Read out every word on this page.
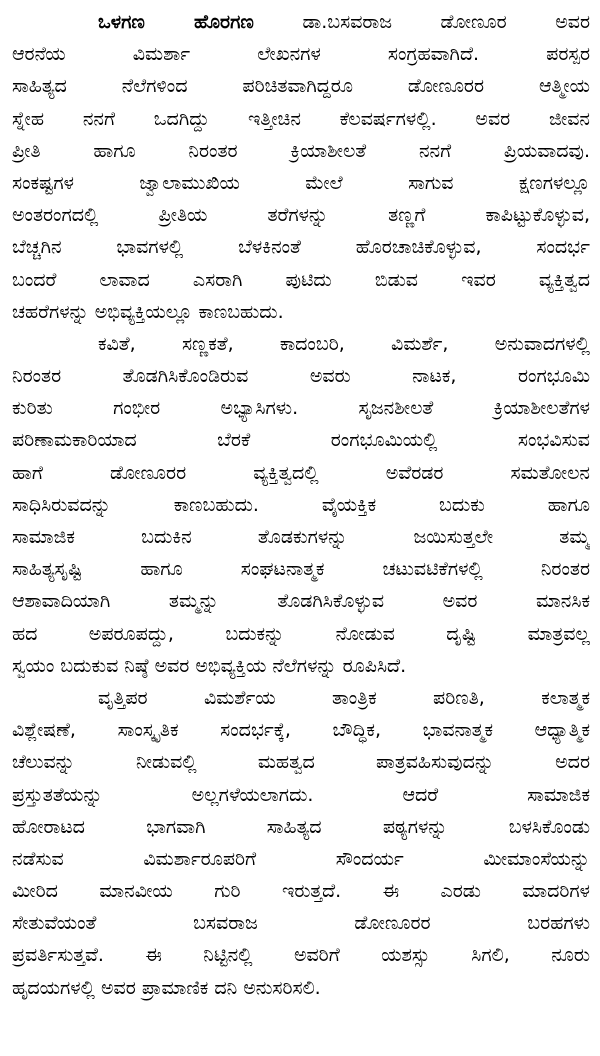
ಒಳಗಣ ಹೊರಗಣ	ಡಾ.ಬಸವರಾಜ ಡೋಣೂರ ಅವರ
ಆರನೆಯ ವಿಮರ್ಶಾ ಲೇಖನಗಳ ಸಂಗ್ರಹವಾಗಿದೆ. ಪರಸ್ಪರ
ಸಾಹಿತ್ಯದ ನೆಲೆಗಳಿಂದ ಪರಿಚಿತವಾಗಿದ್ದರೂ ಡೋಣೂರರ ಆತ್ಮೀಯ
ಸ್ನೇಹ ನನಗೆ ಒದಗಿದ್ದು ಇತ್ತೀಚಿನ ಕೆಲವರ್ಷಗಳಲ್ಲಿ. ಅವರ ಜೀವನ
ಪ್ರೀತಿ ಹಾಗೂ ನಿರಂತರ ಕ್ರಿಯಾಶೀಲತೆ ನನಗೆ ಪ್ರಿಯವಾದವು.
ಸಂಕಷ್ಟಗಳ ಜ್ವಾಲಾಮುಖಿಯ ಮೇಲೆ ಸಾಗುವ ಕ್ಷಣಗಳಲ್ಲೂ
ಅಂತರಂಗದಲ್ಲಿ ಪ್ರೀತಿಯ ತರೆಗಳನ್ನು ತಣ್ಣಗೆ ಕಾಪಿಟ್ಟುಕೊಳ್ಳುವ,
ಬೆಚ್ಚಗಿನ ಭಾವಗಳಲ್ಲಿ ಬೆಳಕಿನಂತೆ ಹೊರಚಾಚಿಕೊಳ್ಳುವ, ಸಂದರ್ಭ
ಬಂದರೆ ಲಾವಾದ ಎಸರಾಗಿ ಪುಟಿದು ಬಿಡುವ ಇವರ ವ್ಯಕ್ತಿತ್ವದ
ಚಹರೆಗಳನ್ನು ಅಭಿವ್ಯಕ್ತಿಯಲ್ಲೂ ಕಾಣಬಹುದು.
ಕವಿತೆ, ಸಣ್ಣಕತೆ, ಕಾದಂಬರಿ, ವಿಮರ್ಶೆ, ಅನುವಾದಗಳಲ್ಲಿ
ನಿರಂತರ ತೊಡಗಿಸಿಕೊಂಡಿರುವ ಅವರು ನಾಟಕ, ರಂಗಭೂಮಿ
ಕುರಿತು ಗಂಭೀರ ಅಭ್ಯಾಸಿಗಳು. ಸೃಜನಶೀಲತೆ ಕ್ರಿಯಾಶೀಲತೆಗಳ
ಪರಿಣಾಮಕಾರಿಯಾದ ಬೆರಕೆ ರಂಗಭೂಮಿಯಲ್ಲಿ ಸಂಭವಿಸುವ
ಹಾಗೆ ಡೋಣೂರರ ವ್ಯಕ್ತಿತ್ವದಲ್ಲಿ ಅವೆರಡರ ಸಮತೋಲನ
ಸಾಧಿಸಿರುವದನ್ನು ಕಾಣಬಹುದು. ವೈಯಕ್ತಿಕ ಬದುಕು ಹಾಗೂ
ಸಾಮಾಜಿಕ ಬದುಕಿನ ತೊಡಕುಗಳನ್ನು ಜಯಿಸುತ್ತಲೇ ತಮ್ಮ
ಸಾಹಿತ್ಯಸೃಷ್ಟಿ ಹಾಗೂ ಸಂಘಟನಾತ್ಮಕ ಚಟುವಟಿಕೆಗಳಲ್ಲಿ ನಿರಂತರ
ಆಶಾವಾದಿಯಾಗಿ ತಮ್ಮನ್ನು ತೊಡಗಿಸಿಕೊಳ್ಳುವ ಅವರ ಮಾನಸಿಕ
ಹದ ಅಪರೂಪದ್ದು, ಬದುಕನ್ನು ನೋಡುವ ದೃಷ್ಟಿ ಮಾತ್ರವಲ್ಲ
ಸ್ವಯಂ ಬದುಕುವ ನಿಷ್ಠೆ ಅವರ ಅಭಿವ್ಯಕ್ತಿಯ ನೆಲೆಗಳನ್ನು ರೂಪಿಸಿದೆ.
ವೃತ್ತಿಪರ ವಿಮರ್ಶೆಯ ತಾಂತ್ರಿಕ ಪರಿಣತಿ, ಕಲಾತ್ಮಕ
ವಿಶ್ಲೇಷಣೆ, ಸಾಂಸ್ಕೃತಿಕ ಸಂದರ್ಭಕ್ಕೆ, ಬೌದ್ಧಿಕ, ಭಾವನಾತ್ಮಕ ಆಧ್ಯಾತ್ಮಿಕ
ಚೆಲುವನ್ನು ನೀಡುವಲ್ಲಿ ಮಹತ್ವದ ಪಾತ್ರವಹಿಸುವುದನ್ನು ಅದರ
ಪ್ರಸ್ತುತತೆಯನ್ನು ಅಲ್ಲಗಳೆಯಲಾಗದು. ಆದರೆ ಸಾಮಾಜಿಕ
ಹೋರಾಟದ ಭಾಗವಾಗಿ ಸಾಹಿತ್ಯದ ಪಠ್ಯಗಳನ್ನು ಬಳಸಿಕೊಂಡು
ನಡೆಸುವ ವಿಮರ್ಶಾರೂಪರಿಗೆ ಸೌಂದರ್ಯ ಮೀಮಾಂಸೆಯನ್ನು
ಮೀರಿದ ಮಾನವೀಯ ಗುರಿ ಇರುತ್ತದೆ. ಈ ಎರಡು ಮಾದರಿಗಳ
ಸೇತುವೆಯಂತೆ ಬಸವರಾಜ ಡೋಣೂರರ ಬರಹಗಳು
ಪ್ರವರ್ತಿಸುತ್ತವೆ. ಈ ನಿಟ್ಟಿನಲ್ಲಿ ಅವರಿಗೆ ಯಶಸ್ಸು ಸಿಗಲಿ, ನೂರು
ಹೃದಯಗಳಲ್ಲಿ ಅವರ ಪ್ರಾಮಾಣಿಕ ದನಿ ಅನುಸರಿಸಲಿ.
